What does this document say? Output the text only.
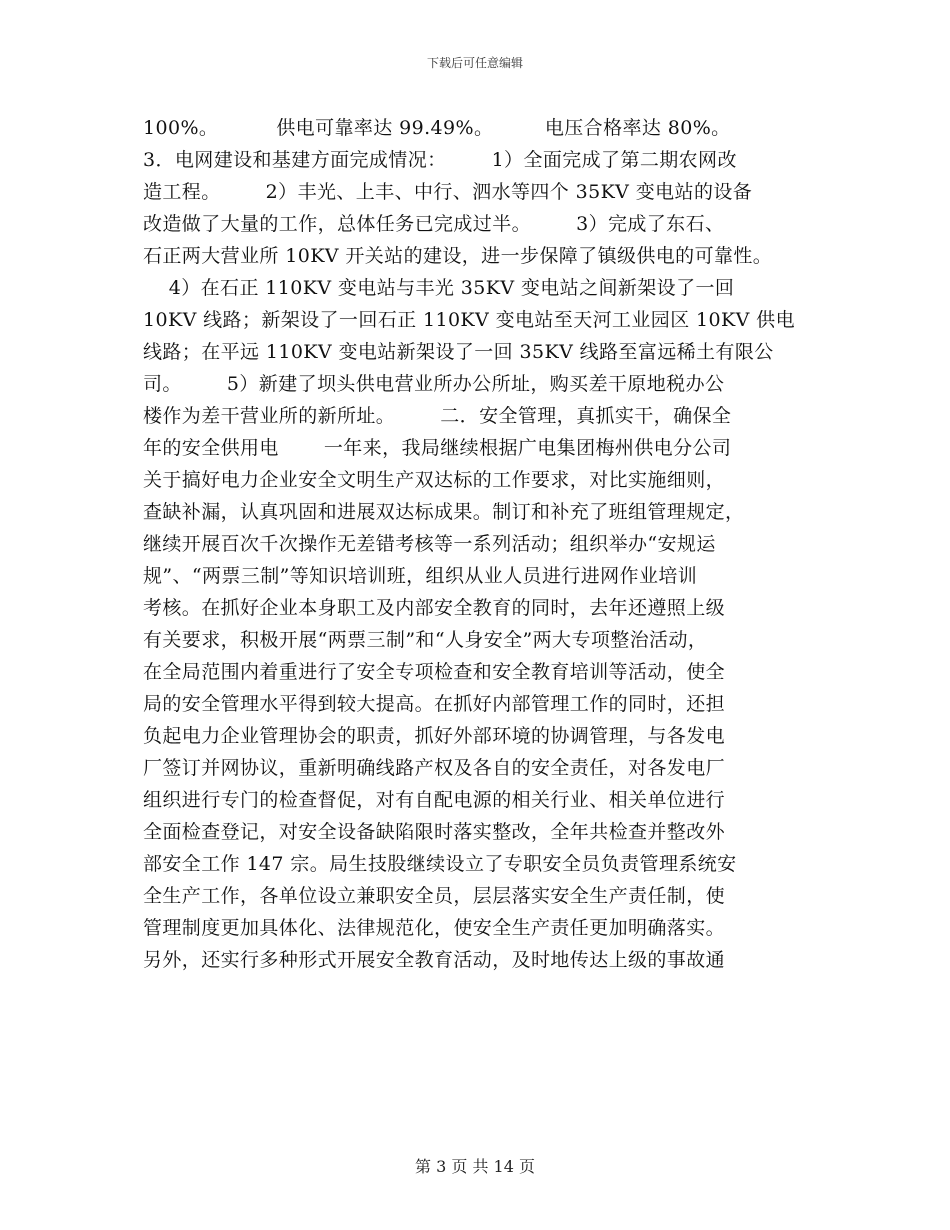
下载后可任意编辑
100%。         供电可靠率达 99.49%。        电压合格率达 80%。
3．电网建设和基建方面完成情况：       1）全面完成了第二期农网改
造工程。       2）丰光、上丰、中行、泗水等四个 35KV 变电站的设备
改造做了大量的工作，总体任务已完成过半。       3）完成了东石、
石正两大营业所 10KV 开关站的建设，进一步保障了镇级供电的可靠性。
4）在石正 110KV 变电站与丰光 35KV 变电站之间新架设了一回
10KV 线路；新架设了一回石正 110KV 变电站至天河工业园区 10KV 供电
线路；在平远 110KV 变电站新架设了一回 35KV 线路至富远稀土有限公
司。       5）新建了坝头供电营业所办公所址，购买差干原地税办公
楼作为差干营业所的新所址。       二．安全管理，真抓实干，确保全
年的安全供用电       一年来，我局继续根据广电集团梅州供电分公司
关于搞好电力企业安全文明生产双达标的工作要求，对比实施细则，
查缺补漏，认真巩固和进展双达标成果。制订和补充了班组管理规定，
继续开展百次千次操作无差错考核等一系列活动；组织举办“安规运
规”、“两票三制”等知识培训班，组织从业人员进行进网作业培训
考核。在抓好企业本身职工及内部安全教育的同时，去年还遵照上级
有关要求，积极开展“两票三制”和“人身安全”两大专项整治活动，
在全局范围内着重进行了安全专项检查和安全教育培训等活动，使全
局的安全管理水平得到较大提高。在抓好内部管理工作的同时，还担
负起电力企业管理协会的职责，抓好外部环境的协调管理，与各发电
厂签订并网协议，重新明确线路产权及各自的安全责任，对各发电厂
组织进行专门的检查督促，对有自配电源的相关行业、相关单位进行
全面检查登记，对安全设备缺陷限时落实整改，全年共检查并整改外
部安全工作 147 宗。局生技股继续设立了专职安全员负责管理系统安
全生产工作，各单位设立兼职安全员，层层落实安全生产责任制，使
管理制度更加具体化、法律规范化，使安全生产责任更加明确落实。
另外，还实行多种形式开展安全教育活动，及时地传达上级的事故通
第 3 页 共 14 页
